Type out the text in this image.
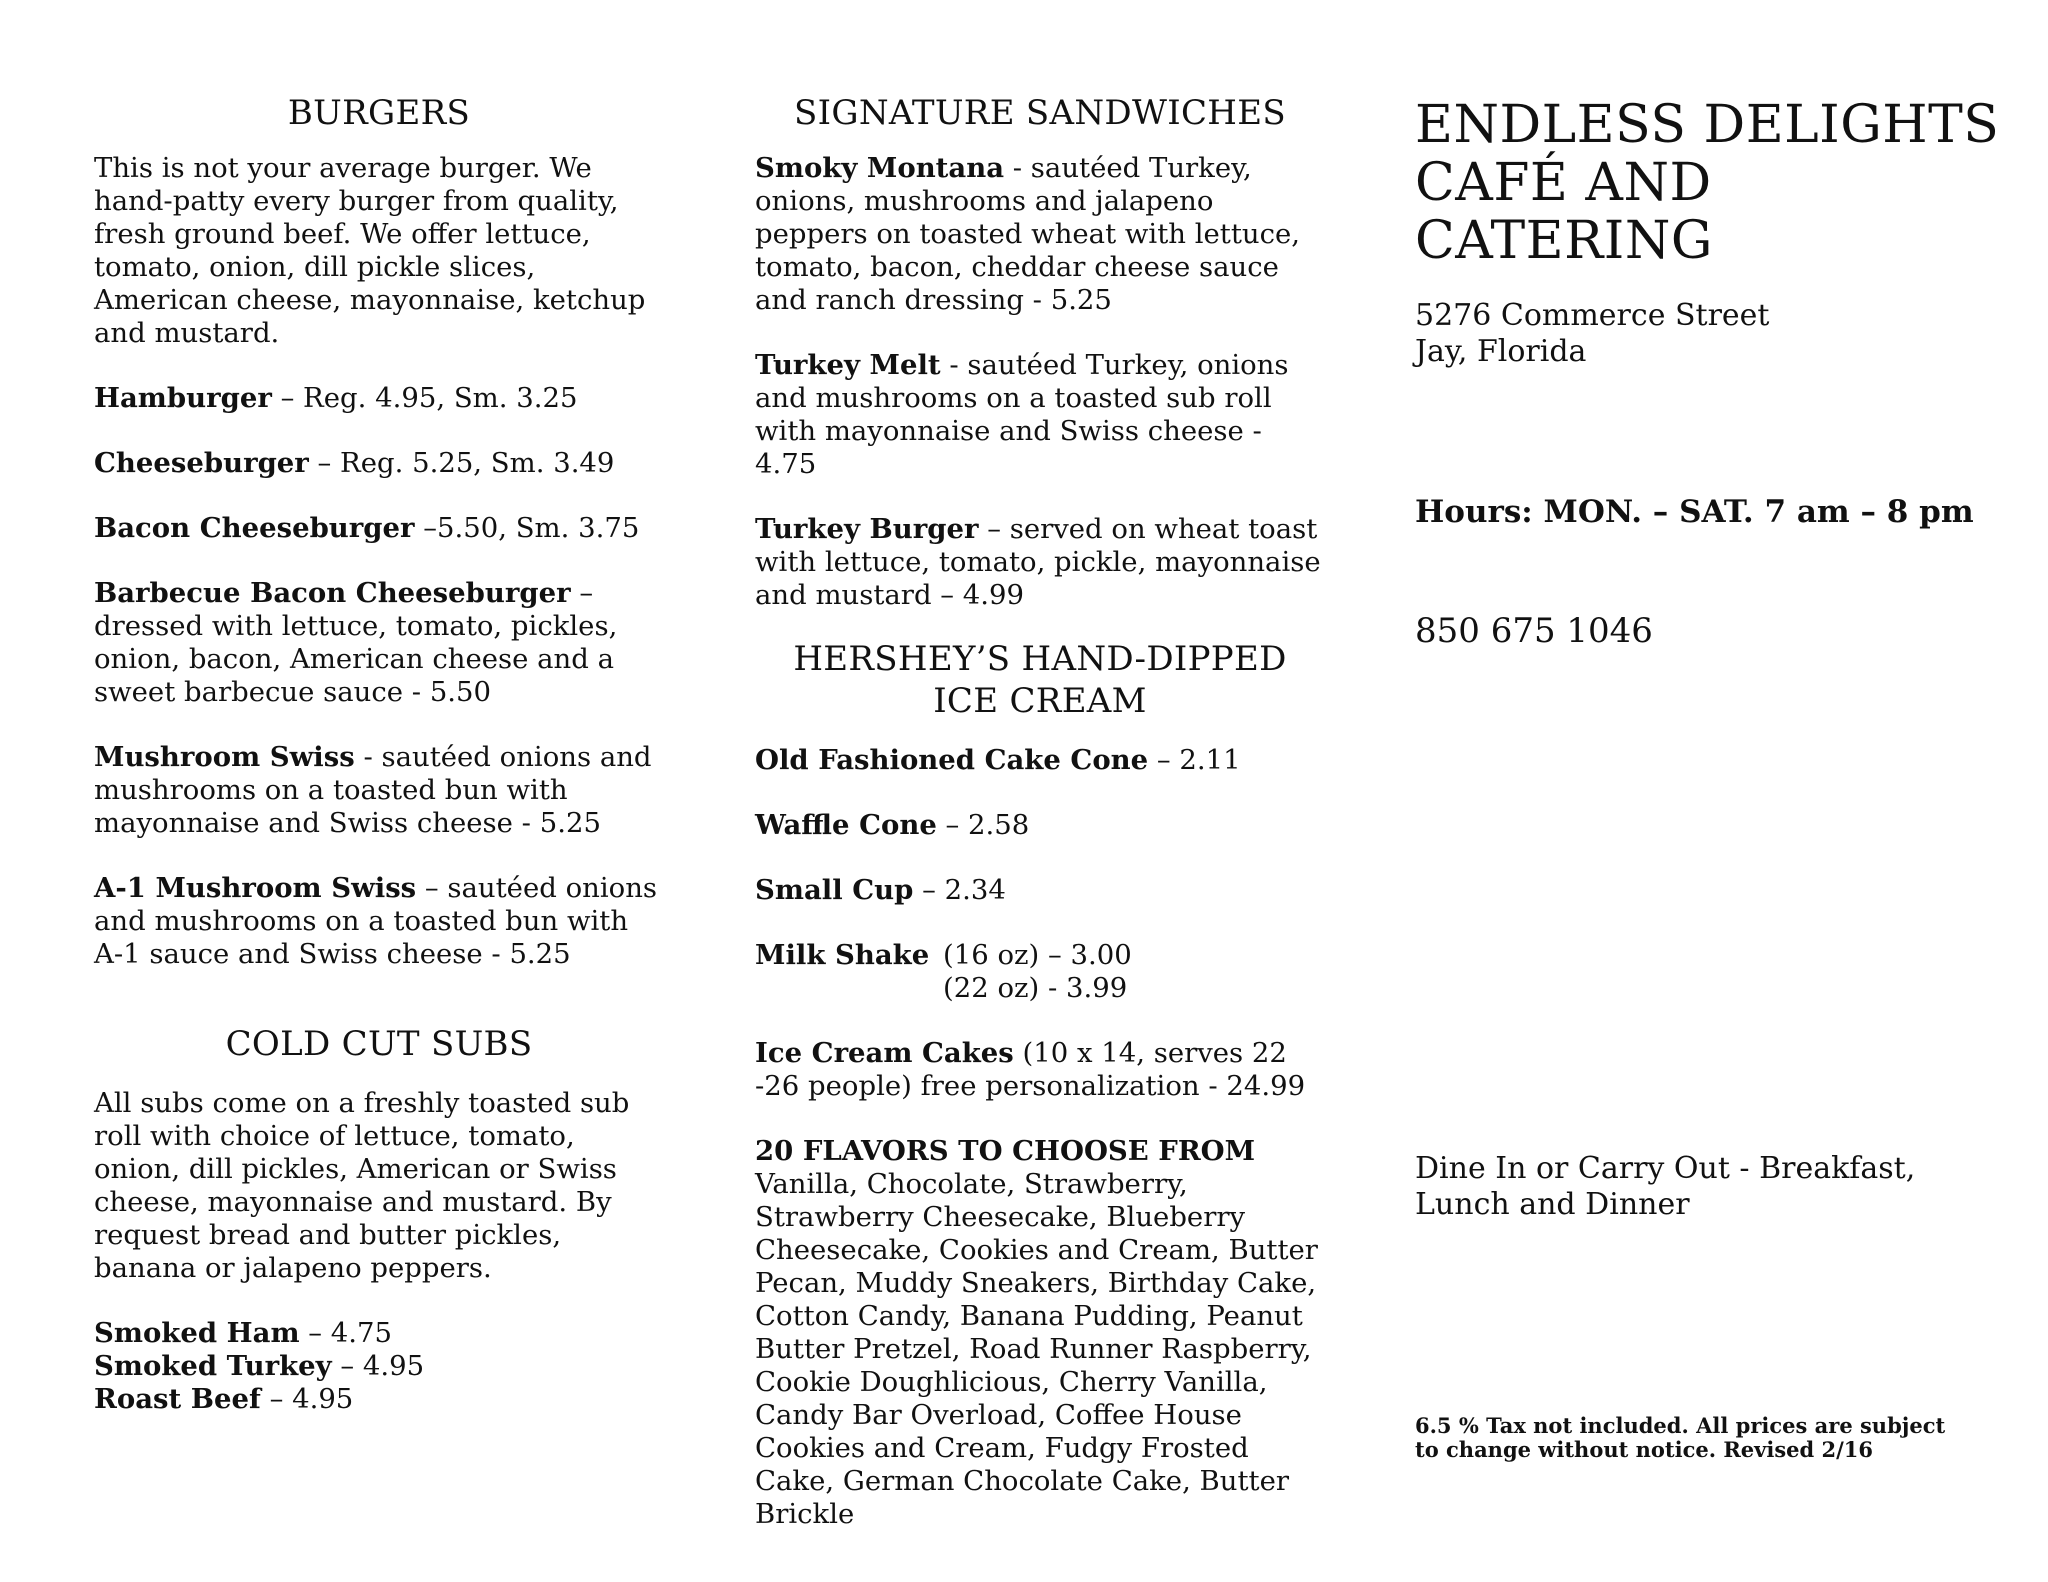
BURGERS

This is not your average burger. We hand-patty every burger from quality, fresh ground beef. We offer lettuce, tomato, onion, dill pickle slices, American cheese, mayonnaise, ketchup and mustard.

Hamburger – Reg. 4.95, Sm. 3.25

Cheeseburger – Reg. 5.25, Sm. 3.49

Bacon Cheeseburger –5.50, Sm. 3.75

Barbecue Bacon Cheeseburger – dressed with lettuce, tomato, pickles, onion, bacon, American cheese and a sweet barbecue sauce - 5.50

Mushroom Swiss - sautéed onions and mushrooms on a toasted bun with mayonnaise and Swiss cheese - 5.25

A-1 Mushroom Swiss – sautéed onions and mushrooms on a toasted bun with A-1 sauce and Swiss cheese - 5.25

COLD CUT SUBS

All subs come on a freshly toasted sub roll with choice of lettuce, tomato, onion, dill pickles, American or Swiss cheese, mayonnaise and mustard. By request bread and butter pickles, banana or jalapeno peppers.

Smoked Ham – 4.75
Smoked Turkey – 4.95
Roast Beef – 4.95
SIGNATURE SANDWICHES

Smoky Montana - sautéed Turkey, onions, mushrooms and jalapeno peppers on toasted wheat with lettuce, tomato, bacon, cheddar cheese sauce and ranch dressing - 5.25

Turkey Melt - sautéed Turkey, onions and mushrooms on a toasted sub roll with mayonnaise and Swiss cheese - 4.75

Turkey Burger – served on wheat toast with lettuce, tomato, pickle, mayonnaise and mustard – 4.99

HERSHEY’S HAND-DIPPED
ICE CREAM

Old Fashioned Cake Cone – 2.11

Waffle Cone – 2.58

Small Cup – 2.34

Milk Shake (16 oz) – 3.00
(22 oz) - 3.99

Ice Cream Cakes (10 x 14, serves 22 -26 people) free personalization - 24.99

20 FLAVORS TO CHOOSE FROM
Vanilla, Chocolate, Strawberry, Strawberry Cheesecake, Blueberry Cheesecake, Cookies and Cream, Butter Pecan, Muddy Sneakers, Birthday Cake, Cotton Candy, Banana Pudding, Peanut Butter Pretzel, Road Runner Raspberry, Cookie Doughlicious, Cherry Vanilla, Candy Bar Overload, Coffee House Cookies and Cream, Fudgy Frosted Cake, German Chocolate Cake, Butter Brickle

ENDLESS DELIGHTS
CAFÉ AND CATERING
5276 Commerce Street
Jay, Florida
Hours: MON. – SAT. 7 am – 8 pm
850 675 1046
Dine In or Carry Out - Breakfast, Lunch and Dinner
6.5 % Tax not included. All prices are subject to change without notice. Revised 2/16
